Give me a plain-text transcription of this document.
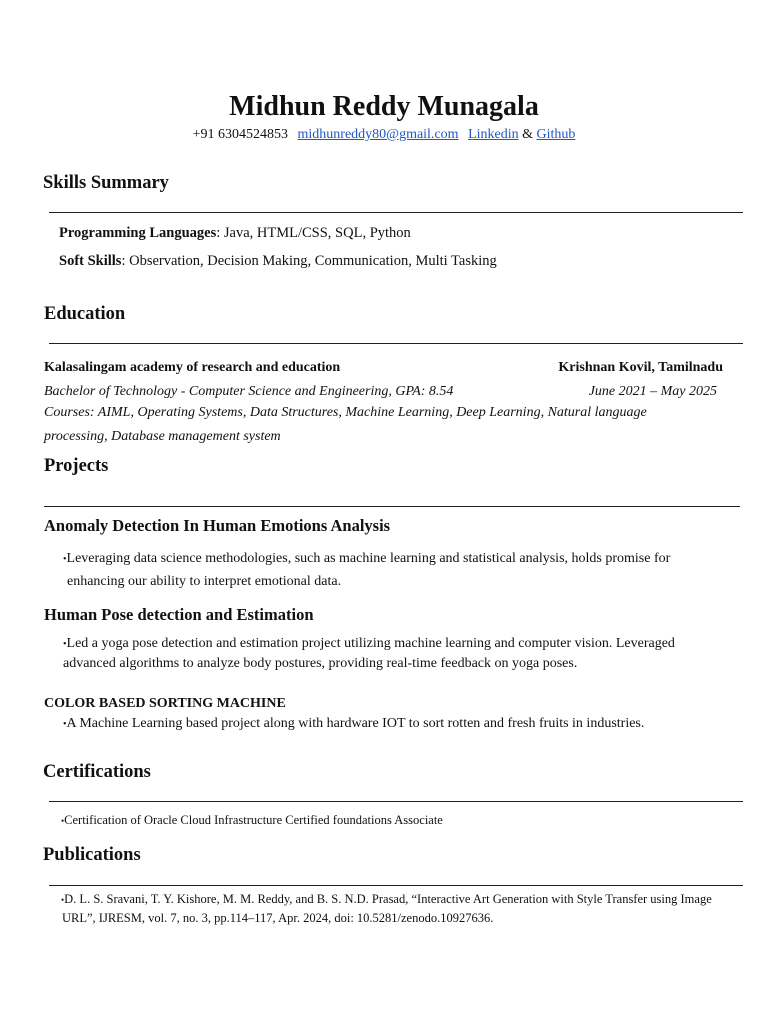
Midhun Reddy Munagala
+91 6304524853 midhunreddy80@gmail.com Linkedin & Github
Skills Summary
Programming Languages: Java, HTML/CSS, SQL, Python
Soft Skills: Observation, Decision Making, Communication, Multi Tasking
Education
Kalasalingam academy of research and education	Krishnan Kovil, Tamilnadu
Bachelor of Technology - Computer Science and Engineering, GPA: 8.54	June 2021 – May 2025
Courses: AIML, Operating Systems, Data Structures, Machine Learning, Deep Learning, Natural language
processing, Database management system
Projects
Anomaly Detection In Human Emotions Analysis
•Leveraging data science methodologies, such as machine learning and statistical analysis, holds promise for
enhancing our ability to interpret emotional data.
Human Pose detection and Estimation
•Led a yoga pose detection and estimation project utilizing machine learning and computer vision. Leveraged
advanced algorithms to analyze body postures, providing real-time feedback on yoga poses.
COLOR BASED SORTING MACHINE
•A Machine Learning based project along with hardware IOT to sort rotten and fresh fruits in industries.
Certifications
•Certification of Oracle Cloud Infrastructure Certified foundations Associate
Publications
•D. L. S. Sravani, T. Y. Kishore, M. M. Reddy, and B. S. N.D. Prasad, “Interactive Art Generation with Style Transfer using Image
URL”, IJRESM, vol. 7, no. 3, pp.114–117, Apr. 2024, doi: 10.5281/zenodo.10927636.
